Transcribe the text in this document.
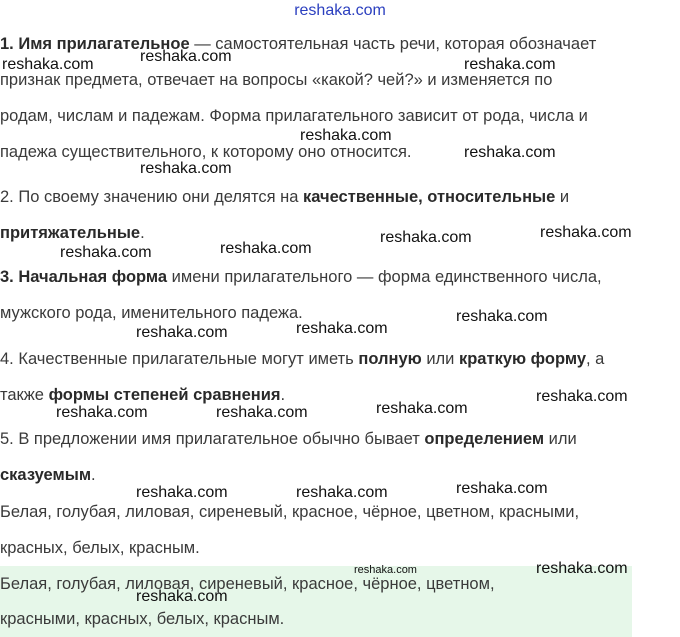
reshaka.com
1. Имя прилагательное — самостоятельная часть речи, которая обозначает
признак предмета, отвечает на вопросы «какой? чей?» и изменяется по
родам, числам и падежам. Форма прилагательного зависит от рода, числа и
падежа существительного, к которому оно относится.
2. По своему значению они делятся на качественные, относительные и
притяжательные.
3. Начальная форма имени прилагательного — форма единственного числа,
мужского рода, именительного падежа.
4. Качественные прилагательные могут иметь полную или краткую форму, а
также формы степеней сравнения.
5. В предложении имя прилагательное обычно бывает определением или
сказуемым.
Белая, голубая, лиловая, сиреневый, красное, чёрное, цветном, красными,
красных, белых, красным.
Белая, голубая, лиловая, сиреневый, красное, чёрное, цветном,
красными, красных, белых, красным.
reshaka.com	reshaka.com	reshaka.com
reshaka.com
reshaka.com
reshaka.com
reshaka.com
reshaka.com	reshaka.com
reshaka.com
reshaka.com
reshaka.com
reshaka.com
reshaka.com	reshaka.com	reshaka.com
reshaka.com
reshaka.com	reshaka.com	reshaka.com
reshaka.com	reshaka.com
reshaka.com
